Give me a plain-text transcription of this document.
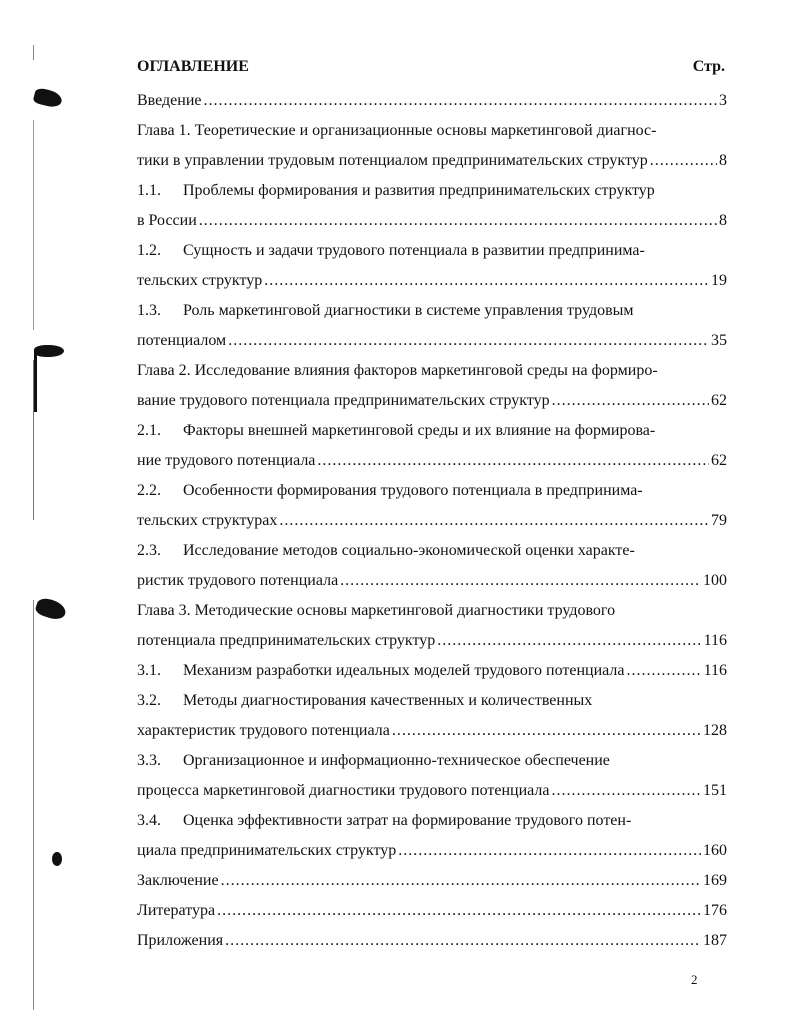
ОГЛАВЛЕНИЕ	Стр.
Введение .....	3
Глава 1. Теоретические и организационные основы маркетинговой диагнос-
тики в управлении трудовым потенциалом предпринимательских структур .....	8
1.1. Проблемы формирования и развития предпринимательских структур
в России .....	8
1.2. Сущность и задачи трудового потенциала в развитии предпринима-
тельских структур .....	19
1.3. Роль маркетинговой диагностики в системе управления трудовым
потенциалом .....	35
Глава 2. Исследование влияния факторов маркетинговой среды на формиро-
вание трудового потенциала предпринимательских структур .....	62
2.1. Факторы внешней маркетинговой среды и их влияние на формирова-
ние трудового потенциала .....	62
2.2. Особенности формирования трудового потенциала в предпринима-
тельских структурах .....	79
2.3. Исследование методов социально-экономической оценки характе-
ристик трудового потенциала .....	100
Глава 3. Методические основы маркетинговой диагностики трудового
потенциала предпринимательских структур .....	116
3.1. Механизм разработки идеальных моделей трудового потенциала .....	116
3.2. Методы диагностирования качественных и количественных
характеристик трудового потенциала .....	128
3.3. Организационное и информационно-техническое обеспечение
процесса маркетинговой диагностики трудового потенциала .....	151
3.4. Оценка эффективности затрат на формирование трудового потен-
циала предпринимательских структур .....	160
Заключение .....	169
Литература .....	176
Приложения .....	187
2
